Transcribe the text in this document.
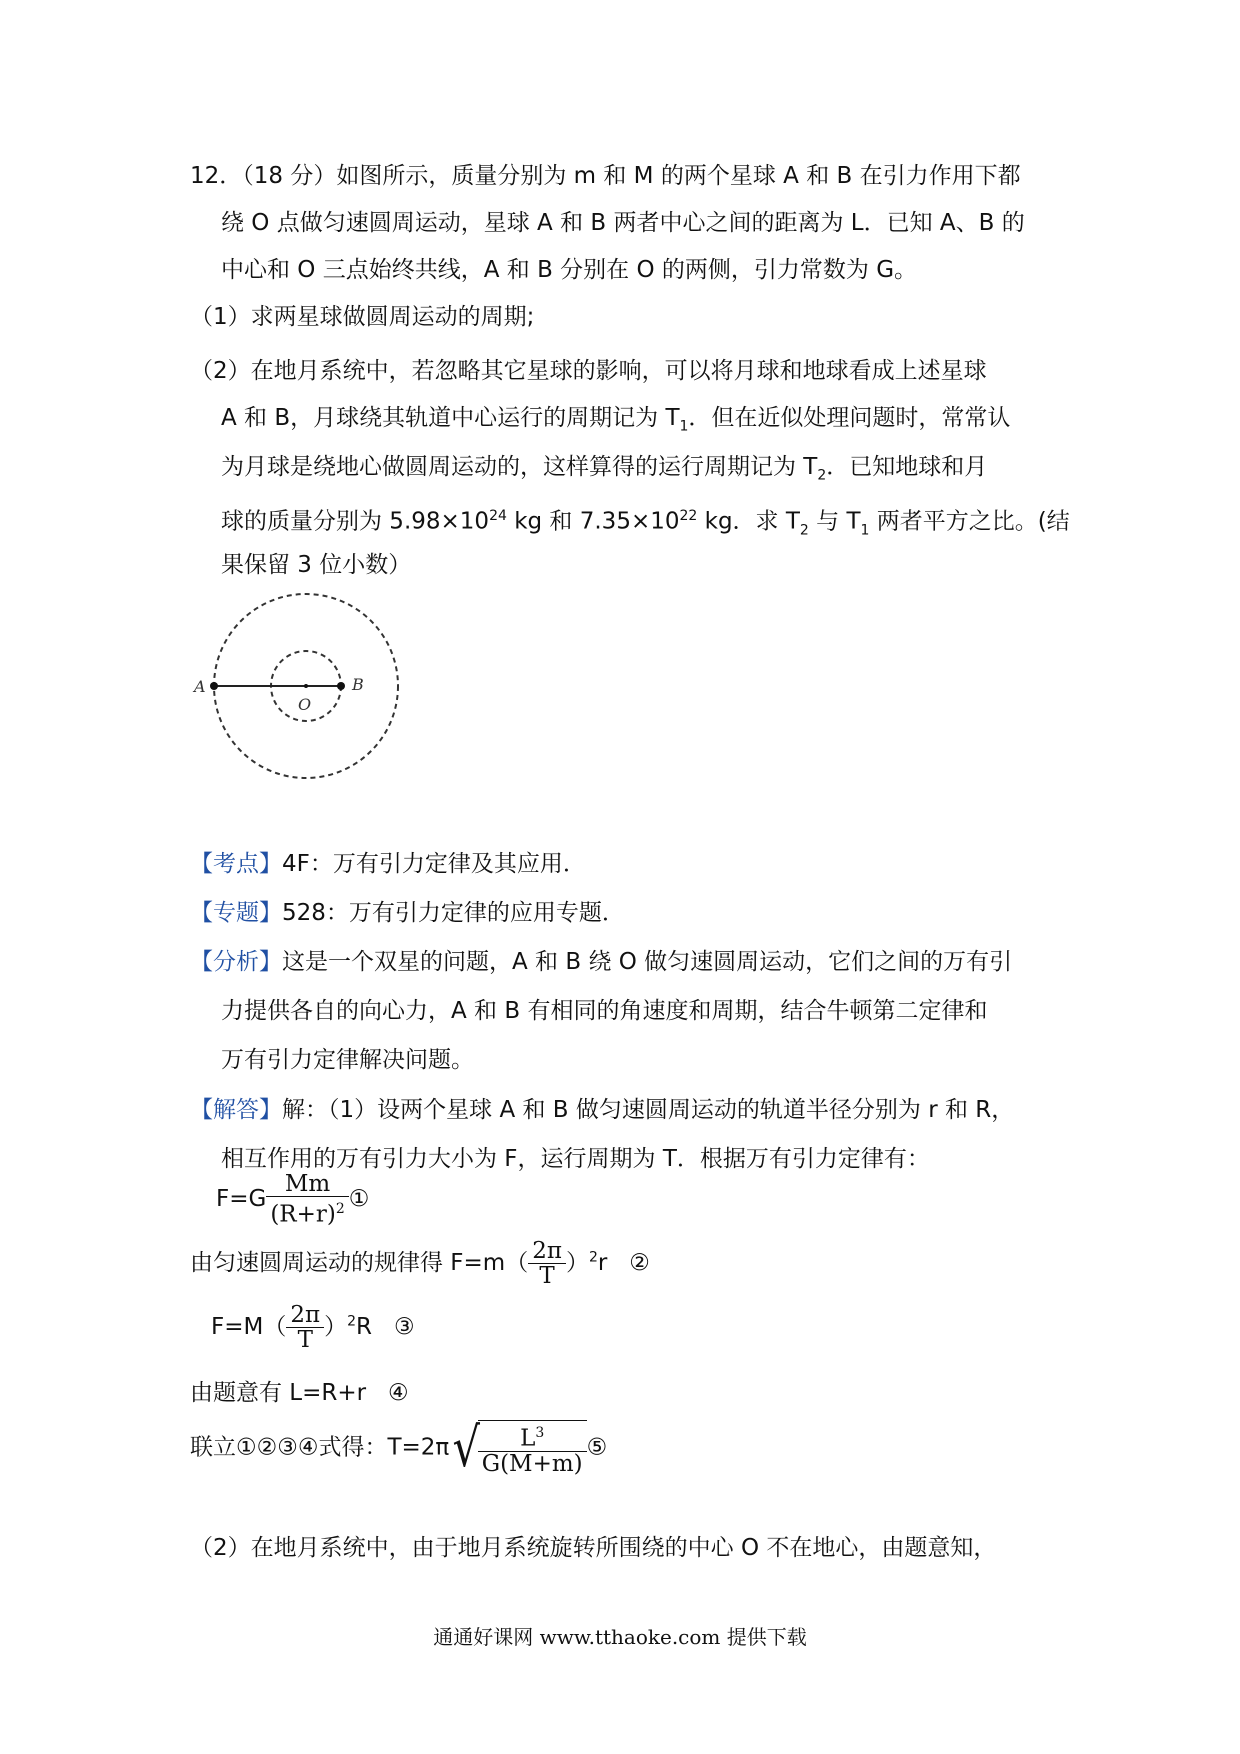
12．（18 分）如图所示，质量分别为 m 和 M 的两个星球 A 和 B 在引力作用下都
绕 O 点做匀速圆周运动，星球 A 和 B 两者中心之间的距离为 L．已知 A、B 的
中心和 O 三点始终共线，A 和 B 分别在 O 的两侧，引力常数为 G。
（1）求两星球做圆周运动的周期;
（2）在地月系统中，若忽略其它星球的影响，可以将月球和地球看成上述星球
A 和 B，月球绕其轨道中心运行的周期记为 $T_1$．但在近似处理问题时，常常认
为月球是绕地心做圆周运动的，这样算得的运行周期记为 $T_2$．已知地球和月
球的质量分别为 $5.98\times 10^{24}$ kg 和 $7.35\times 10^{22}$ kg．求 $T_2$ 与 $T_1$ 两者平方之比。(结
果保留 3 位小数）
A	B
O
【考点】4F：万有引力定律及其应用．
【专题】528：万有引力定律的应用专题．
【分析】这是一个双星的问题，A 和 B 绕 O 做匀速圆周运动，它们之间的万有引
力提供各自的向心力，A 和 B 有相同的角速度和周期，结合牛顿第二定律和
万有引力定律解决问题。
【解答】解：（1）设两个星球 A 和 B 做匀速圆周运动的轨道半径分别为 r 和 R，
相互作用的万有引力大小为 F，运行周期为 T．根据万有引力定律有：
$F=G \frac{Mm}{(R+r)^2}$ ①
由匀速圆周运动的规律得 $F=m( \frac{2\pi}{T} )^2r$ ②
$F=M( \frac{2\pi}{T} )^2R$ ③
由题意有 L=R+r ④
联立①②③④式得：T=2π√
$\frac{L^3}{G(M+m)}$ ⑤
（2）在地月系统中，由于地月系统旋转所围绕的中心 O 不在地心，由题意知，
通通好课网 www.tthaoke.com 提供下载
